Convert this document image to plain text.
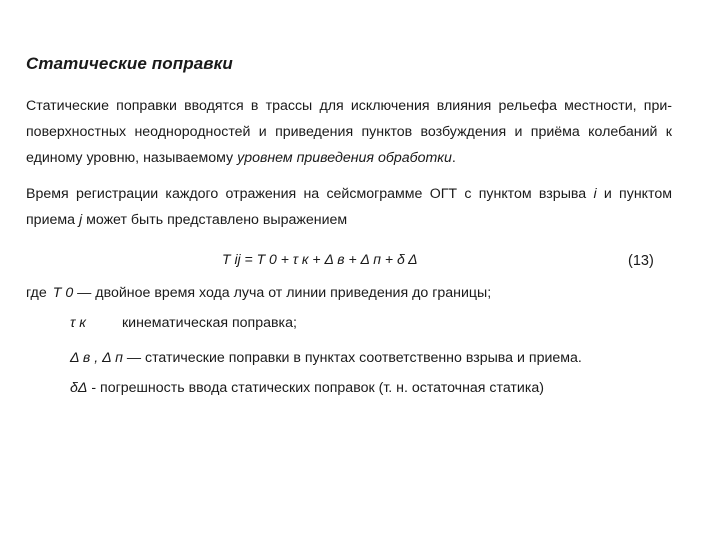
Статические поправки
Статические поправки вводятся в трассы для исключения влияния рельефа местности, при-
поверхностных неоднородностей и приведения пунктов возбуждения и приёма колебаний к
единому уровню, называемому уровнем приведения обработки.
Время регистрации каждого отражения на сейсмограмме ОГТ с пунктом взрыва i и пунктом
приема j может быть представлено выражением
T ij = T 0 + τ к + Δ в + Δ п + δ Δ	(13)
где T 0 — двойное время хода луча от линии приведения до границы;
τ к	кинематическая поправка;
Δ в , Δ п — статические поправки в пунктах соответственно взрыва и приема.
δΔ - погрешность ввода статических поправок (т. н. остаточная статика)
